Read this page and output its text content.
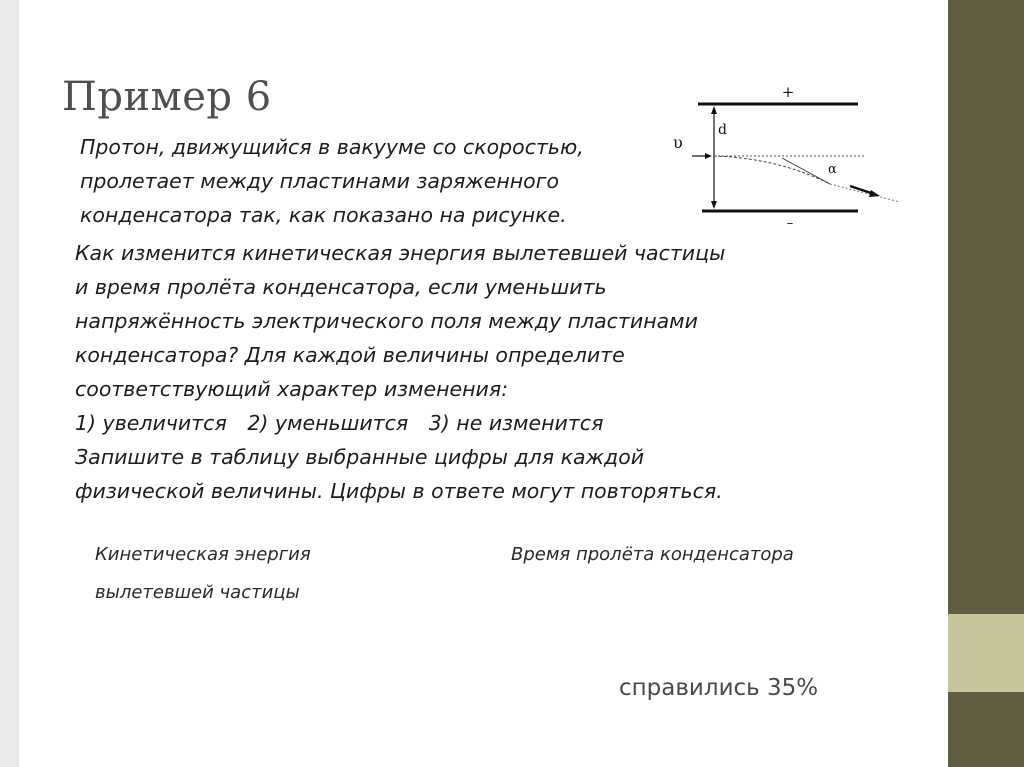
Пример 6
Протон, движущийся в вакууме со скоростью,
пролетает между пластинами заряженного
конденсатора так, как показано на рисунке.
Как изменится кинетическая энергия вылетевшей частицы
и время пролёта конденсатора, если уменьшить
напряжённость электрического поля между пластинами
конденсатора? Для каждой величины определите
соответствующий характер изменения:
1) увеличится 2) уменьшится 3) не изменится
Запишите в таблицу выбранные цифры для каждой
физической величины. Цифры в ответе могут повторяться.
Кинетическая энергия
вылетевшей частицы
Время пролёта конденсатора
справились 35%
+
–
d
υ
α
